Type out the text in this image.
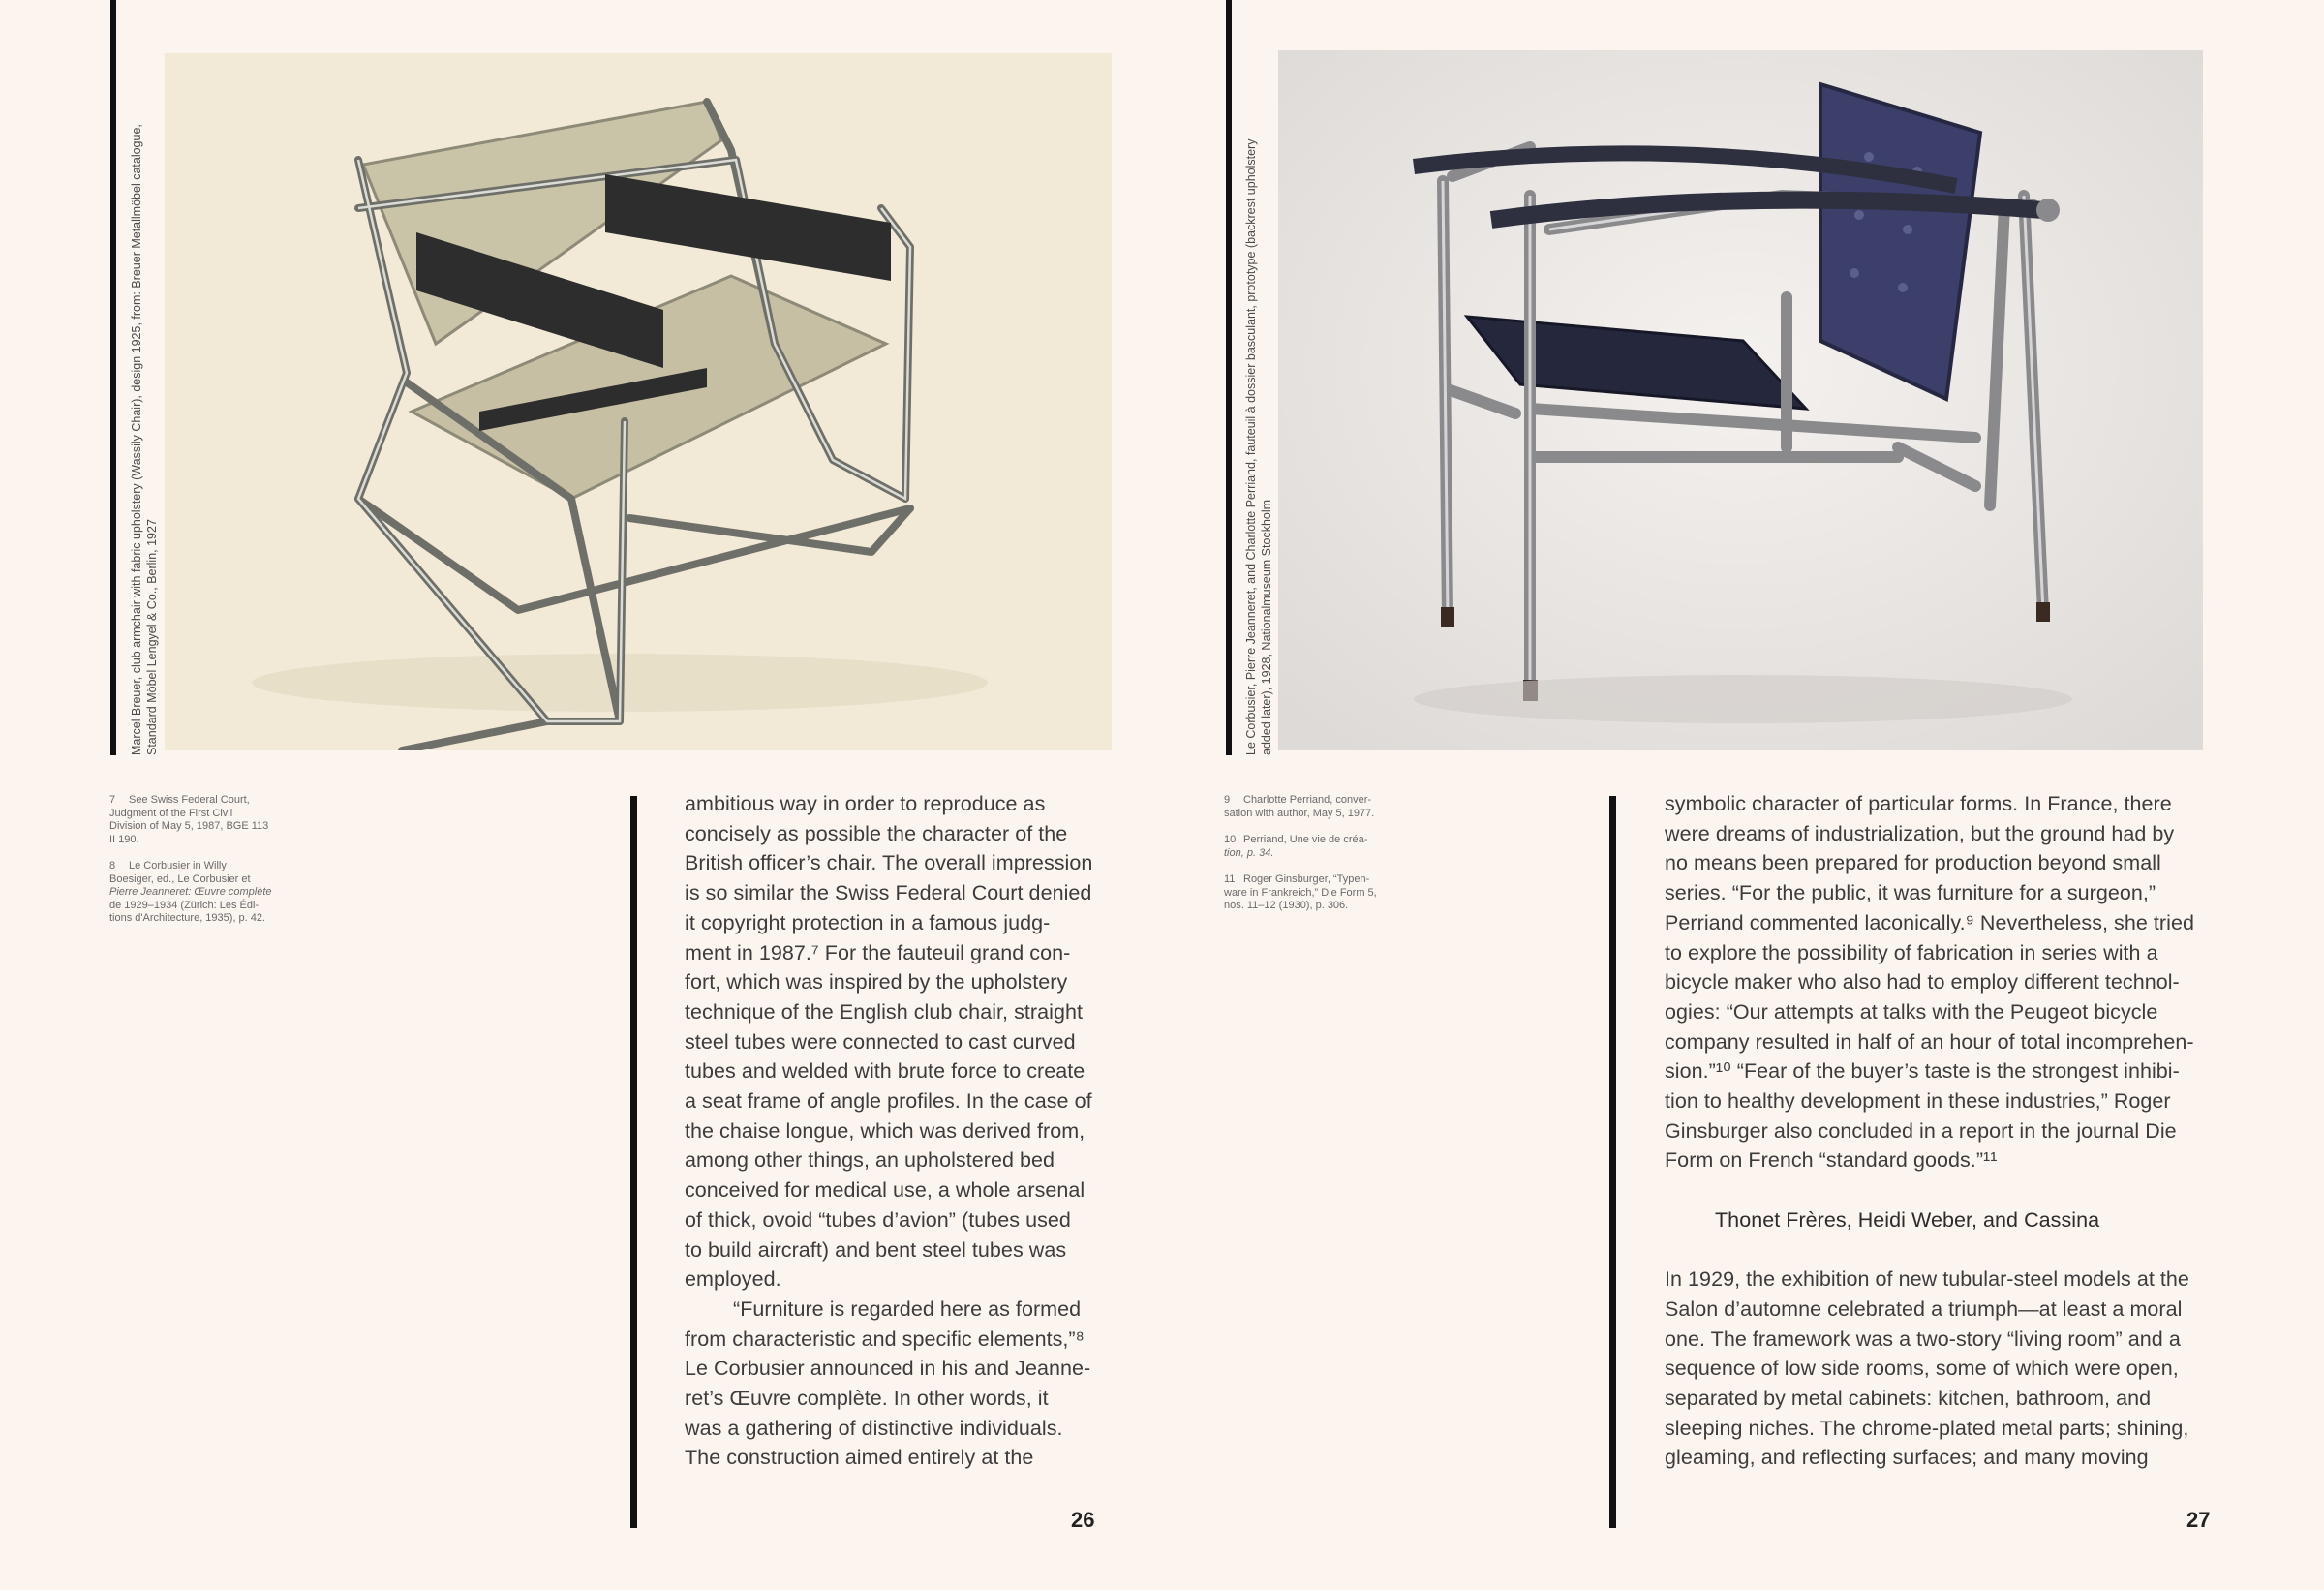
Marcel Breuer, club armchair with fabric upholstery (Wassily Chair), design 1925, from: Breuer Metallmöbel catalogue, Standard Möbel Lengyel & Co., Berlin, 1927
7 See Swiss Federal Court,
Judgment of the First Civil
Division of May 5, 1987, BGE 113
II 190.
8 Le Corbusier in Willy
Boesiger, ed., Le Corbusier et
Pierre Jeanneret: Œuvre complète
de 1929–1934 (Zürich: Les Édi-
tions d'Architecture, 1935), p. 42.
ambitious way in order to reproduce as
concisely as possible the character of the
British officer’s chair. The overall impression
is so similar the Swiss Federal Court denied
it copyright protection in a famous judg-
ment in 1987.⁷ For the fauteuil grand con-
fort, which was inspired by the upholstery
technique of the English club chair, straight
steel tubes were connected to cast curved
tubes and welded with brute force to create
a seat frame of angle profiles. In the case of
the chaise longue, which was derived from,
among other things, an upholstered bed
conceived for medical use, a whole arsenal
of thick, ovoid “tubes d’avion” (tubes used
to build aircraft) and bent steel tubes was
employed.
“Furniture is regarded here as formed
from characteristic and specific elements,”⁸
Le Corbusier announced in his and Jeanne-
ret’s Œuvre complète. In other words, it
was a gathering of distinctive individuals.
The construction aimed entirely at the
26
Le Corbusier, Pierre Jeanneret, and Charlotte Perriand, fauteuil à dossier basculant, prototype (backrest upholstery added later), 1928, Nationalmuseum Stockholm
9 Charlotte Perriand, conver-
sation with author, May 5, 1977.
10 Perriand, Une vie de créa-
tion, p. 34.
11 Roger Ginsburger, “Typen-
ware in Frankreich,” Die Form 5,
nos. 11–12 (1930), p. 306.
symbolic character of particular forms. In France, there
were dreams of industrialization, but the ground had by
no means been prepared for production beyond small
series. “For the public, it was furniture for a surgeon,”
Perriand commented laconically.⁹ Nevertheless, she tried
to explore the possibility of fabrication in series with a
bicycle maker who also had to employ different technol-
ogies: “Our attempts at talks with the Peugeot bicycle
company resulted in half of an hour of total incomprehen-
sion.”¹⁰ “Fear of the buyer’s taste is the strongest inhibi-
tion to healthy development in these industries,” Roger
Ginsburger also concluded in a report in the journal Die
Form on French “standard goods.”¹¹
Thonet Frères, Heidi Weber, and Cassina
In 1929, the exhibition of new tubular-steel models at the
Salon d’automne celebrated a triumph—at least a moral
one. The framework was a two-story “living room” and a
sequence of low side rooms, some of which were open,
separated by metal cabinets: kitchen, bathroom, and
sleeping niches. The chrome-plated metal parts; shining,
gleaming, and reflecting surfaces; and many moving
27
